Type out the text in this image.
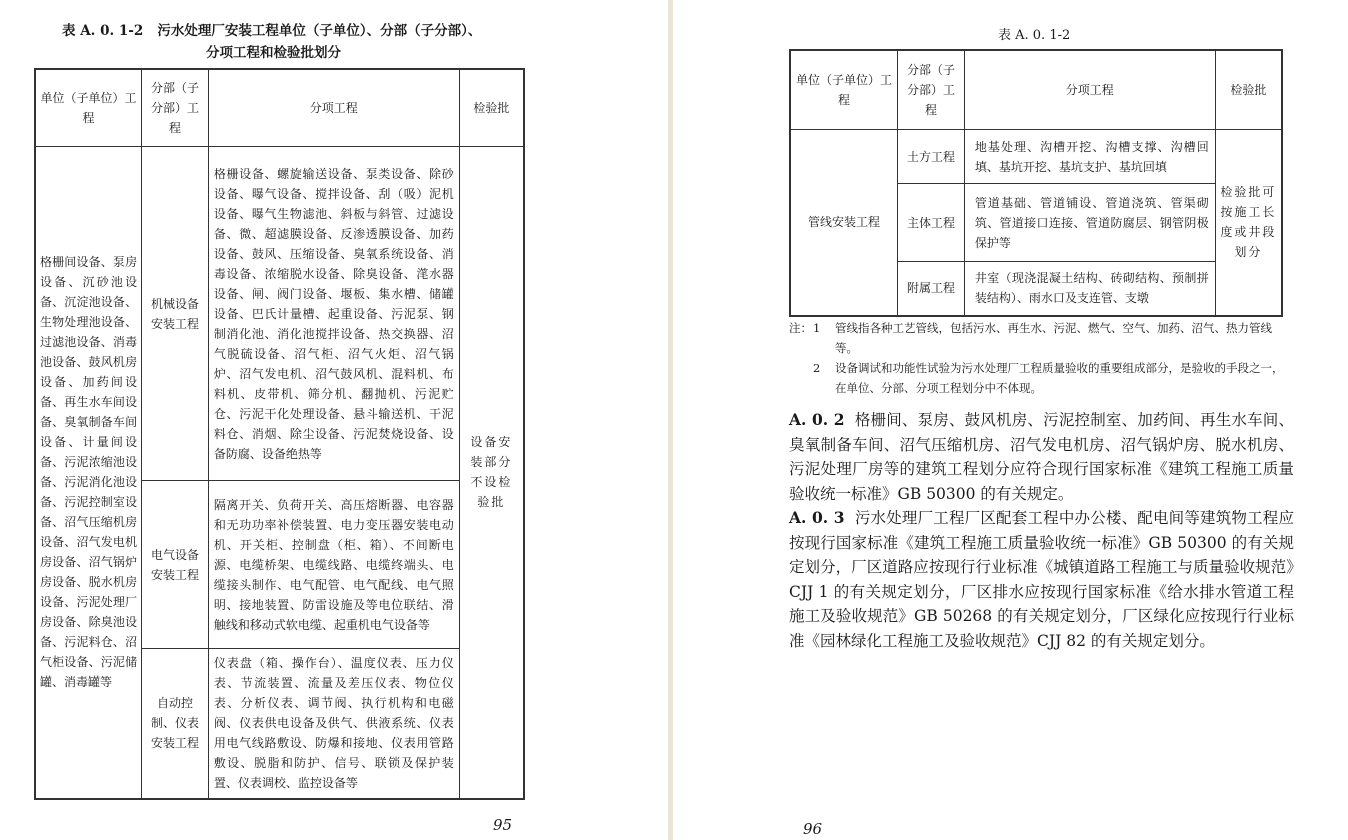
表 A. 0. 1-2 污水处理厂安装工程单位（子单位）、分部（子分部）、
分项工程和检验批划分
单位（子单位）工程	分部（子分部）工程	分项工程	检验批
格栅间设备、泵房设备、沉砂池设备、沉淀池设备、生物处理池设备、过滤池设备、消毒池设备、鼓风机房设备、加药间设备、再生水车间设备、臭氧制备车间设备、计量间设备、污泥浓缩池设备、污泥消化池设备、污泥控制室设备、沼气压缩机房设备、沼气发电机房设备、沼气锅炉房设备、脱水机房设备、污泥处理厂房设备、除臭池设备、污泥料仓、沼气柜设备、污泥储罐、消毒罐等	机械设备安装工程	格栅设备、螺旋输送设备、泵类设备、除砂设备、曝气设备、搅拌设备、刮（吸）泥机设备、曝气生物滤池、斜板与斜管、过滤设备、微、超滤膜设备、反渗透膜设备、加药设备、鼓风、压缩设备、臭氧系统设备、消毒设备、浓缩脱水设备、除臭设备、滗水器设备、闸、阀门设备、堰板、集水槽、储罐设备、巴氏计量槽、起重设备、污泥泵、钢制消化池、消化池搅拌设备、热交换器、沼气脱硫设备、沼气柜、沼气火炬、沼气锅炉、沼气发电机、沼气鼓风机、混料机、布料机、皮带机、筛分机、翻抛机、污泥贮仓、污泥干化处理设备、悬斗输送机、干泥料仓、消烟、除尘设备、污泥焚烧设备、设备防腐、设备绝热等	设备安装部分不设检验批
	电气设备安装工程	隔离开关、负荷开关、高压熔断器、电容器和无功功率补偿装置、电力变压器安装电动机、开关柜、控制盘（柜、箱）、不间断电源、电缆桥架、电缆线路、电缆终端头、电缆接头制作、电气配管、电气配线、电气照明、接地装置、防雷设施及等电位联结、滑触线和移动式软电缆、起重机电气设备等	
	自动控制、仪表安装工程	仪表盘（箱、操作台）、温度仪表、压力仪表、节流装置、流量及差压仪表、物位仪表、分析仪表、调节阀、执行机构和电磁阀、仪表供电设备及供气、供液系统、仪表用电气线路敷设、防爆和接地、仪表用管路敷设、脱脂和防护、信号、联锁及保护装置、仪表调校、监控设备等	
95
表 A. 0. 1-2
单位（子单位）工程	分部（子分部）工程	分项工程	检验批
管线安装工程	土方工程	地基处理、沟槽开挖、沟槽支撑、沟槽回填、基坑开挖、基坑支护、基坑回填	检验批可按施工长度或井段划分
	主体工程	管道基础、管道铺设、管道浇筑、管渠砌筑、管道接口连接、管道防腐层、钢管阴极保护等	
	附属工程	井室（现浇混凝土结构、砖砌结构、预制拼装结构）、雨水口及支连管、支墩	
注： 1 管线指各种工艺管线，包括污水、再生水、污泥、燃气、空气、加药、沼气、热力管线等。
2 设备调试和功能性试验为污水处理厂工程质量验收的重要组成部分，是验收的手段之一，在单位、分部、分项工程划分中不体现。

A. 0. 2 格栅间、泵房、鼓风机房、污泥控制室、加药间、再生水车间、臭氧制备车间、沼气压缩机房、沼气发电机房、沼气锅炉房、脱水机房、污泥处理厂房等的建筑工程划分应符合现行国家标准《建筑工程施工质量验收统一标准》GB 50300 的有关规定。

A. 0. 3 污水处理厂工程厂区配套工程中办公楼、配电间等建筑物工程应按现行国家标准《建筑工程施工质量验收统一标准》GB 50300 的有关规定划分，厂区道路应按现行行业标准《城镇道路工程施工与质量验收规范》CJJ 1 的有关规定划分，厂区排水应按现行国家标准《给水排水管道工程施工及验收规范》GB 50268 的有关规定划分，厂区绿化应按现行行业标准《园林绿化工程施工及验收规范》CJJ 82 的有关规定划分。

96
